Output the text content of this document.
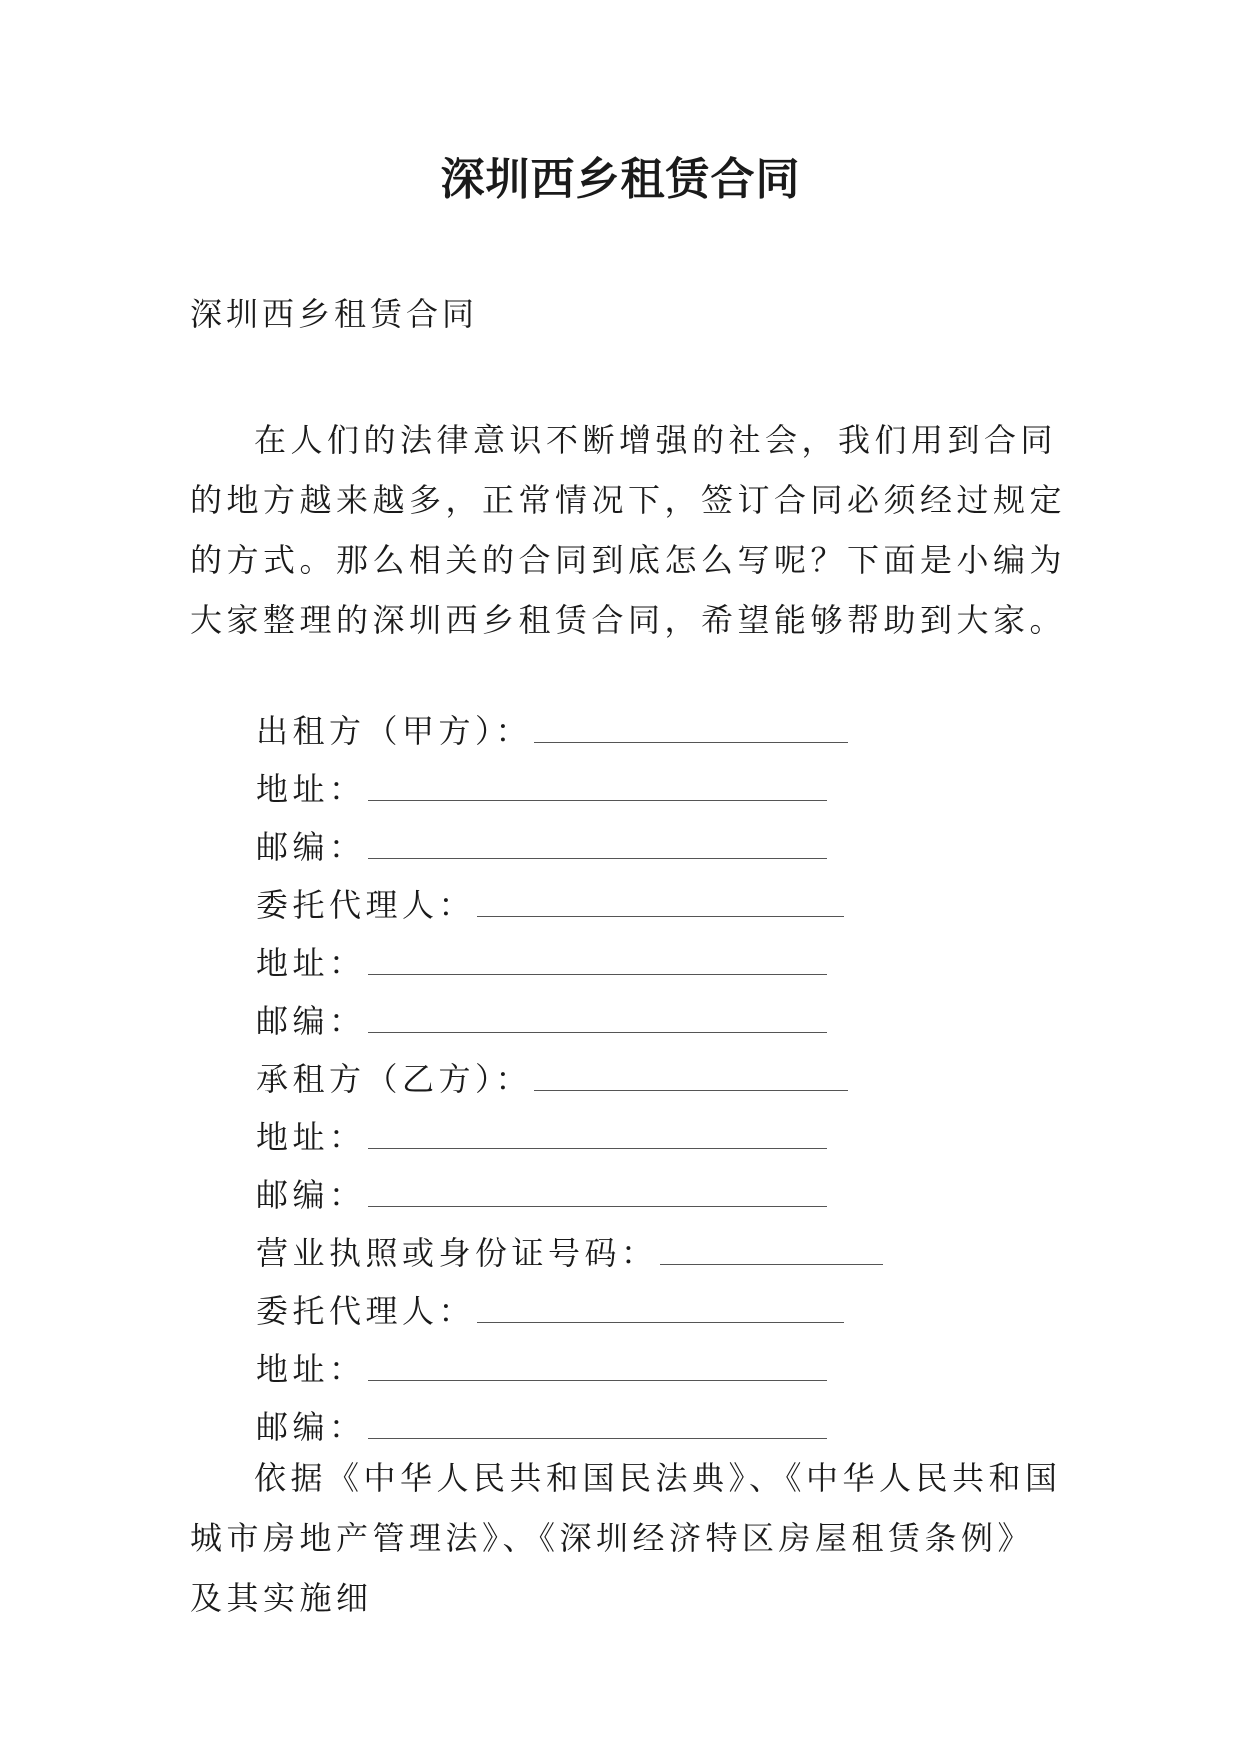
深圳西乡租赁合同
深圳西乡租赁合同

在人们的法律意识不断增强的社会，我们用到合同的地方越来越多，正常情况下，签订合同必须经过规定的方式。那么相关的合同到底怎么写呢？下面是小编为大家整理的深圳西乡租赁合同，希望能够帮助到大家。

出租方（甲方）：
地址：
邮编：
委托代理人：
地址：
邮编：
承租方（乙方）：
地址：
邮编：
营业执照或身份证号码：
委托代理人：
地址：
邮编：

依据《中华人民共和国民法典》、《中华人民共和国城市房地产管理法》、《深圳经济特区房屋租赁条例》及其实施细
